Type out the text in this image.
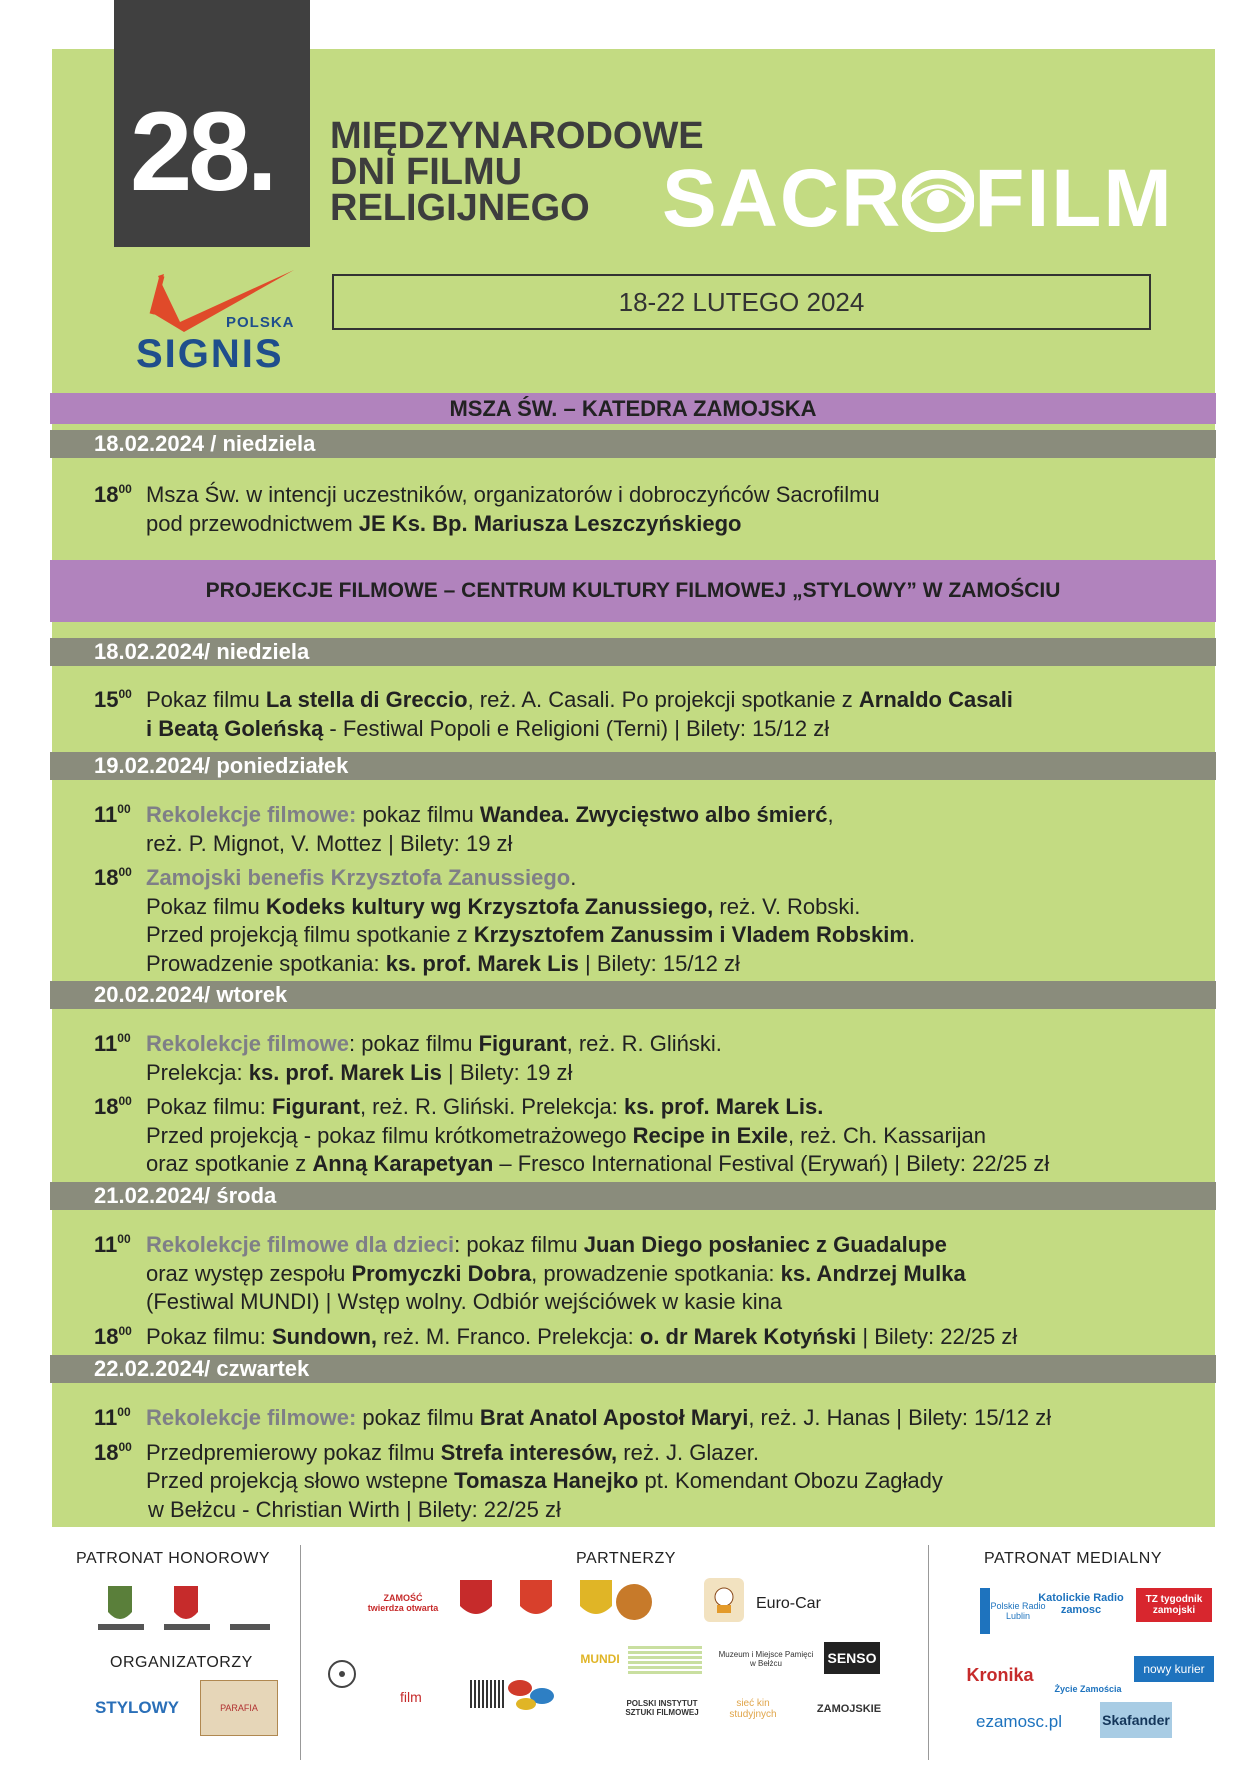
28. MIĘDZYNARODOWE
DNI FILMU
RELIGIJNEGO SACR FILM
POLSKA
SIGNIS
18-22 LUTEGO 2024
MSZA ŚW. – KATEDRA ZAMOJSKA
18.02.2024 / niedziela
$18^{00}$ Msza Św. w intencji uczestników, organizatorów i dobroczyńców Sacrofilmu
pod przewodnictwem JE Ks. Bp. Mariusza Leszczyńskiego
PROJEKCJE FILMOWE – CENTRUM KULTURY FILMOWEJ „STYLOWY” W ZAMOŚCIU
18.02.2024/ niedziela
$15^{00}$ Pokaz filmu La stella di Greccio, reż. A. Casali. Po projekcji spotkanie z Arnaldo Casali
i Beatą Goleńską - Festiwal Popoli e Religioni (Terni) | Bilety: 15/12 zł
19.02.2024/ poniedziałek
$11^{00}$ Rekolekcje filmowe: pokaz filmu Wandea. Zwycięstwo albo śmierć,
reż. P. Mignot, V. Mottez | Bilety: 19 zł
$18^{00}$ Zamojski benefis Krzysztofa Zanussiego.
Pokaz filmu Kodeks kultury wg Krzysztofa Zanussiego, reż. V. Robski.
Przed projekcją filmu spotkanie z Krzysztofem Zanussim i Vladem Robskim.
Prowadzenie spotkania: ks. prof. Marek Lis | Bilety: 15/12 zł
20.02.2024/ wtorek
$11^{00}$ Rekolekcje filmowe: pokaz filmu Figurant, reż. R. Gliński.
Prelekcja: ks. prof. Marek Lis | Bilety: 19 zł
$18^{00}$ Pokaz filmu: Figurant, reż. R. Gliński. Prelekcja: ks. prof. Marek Lis.
Przed projekcją - pokaz filmu krótkometrażowego Recipe in Exile, reż. Ch. Kassarijan
oraz spotkanie z Anną Karapetyan – Fresco International Festival (Erywań) | Bilety: 22/25 zł
21.02.2024/ środa
$11^{00}$ Rekolekcje filmowe dla dzieci: pokaz filmu Juan Diego posłaniec z Guadalupe
oraz występ zespołu Promyczki Dobra, prowadzenie spotkania: ks. Andrzej Mulka
(Festiwal MUNDI) | Wstęp wolny. Odbiór wejściówek w kasie kina
$18^{00}$ Pokaz filmu: Sundown, reż. M. Franco. Prelekcja: o. dr Marek Kotyński | Bilety: 22/25 zł
22.02.2024/ czwartek
$11^{00}$ Rekolekcje filmowe: pokaz filmu Brat Anatol Apostoł Maryi, reż. J. Hanas | Bilety: 15/12 zł
$18^{00}$ Przedpremierowy pokaz filmu Strefa interesów, reż. J. Glazer.
Przed projekcją słowo wstepne Tomasza Hanejko pt. Komendant Obozu Zagłady
w Bełżcu - Christian Wirth | Bilety: 22/25 zł
PATRONAT HONOROWY
ORGANIZATORZY
PARTNERZY	PATRONAT MEDIALNY
STYLOWY	PARAFIA
ZAMOŚĆ twierdza otwarta	Euro-Car
MUNDI	Muzeum i Miejsce Pamięci w Bełżcu	SENSO
film	POLSKI INSTYTUT SZTUKI FILMOWEJ
sieć kin studyjnych	ZAMOJSKIE
Polskie Radio Lublin
Katolickie Radio zamosc
TZ tygodnik zamojski
Kronika
Życie Zamościa
nowy kurier
ezamosc.pl	Skafander
